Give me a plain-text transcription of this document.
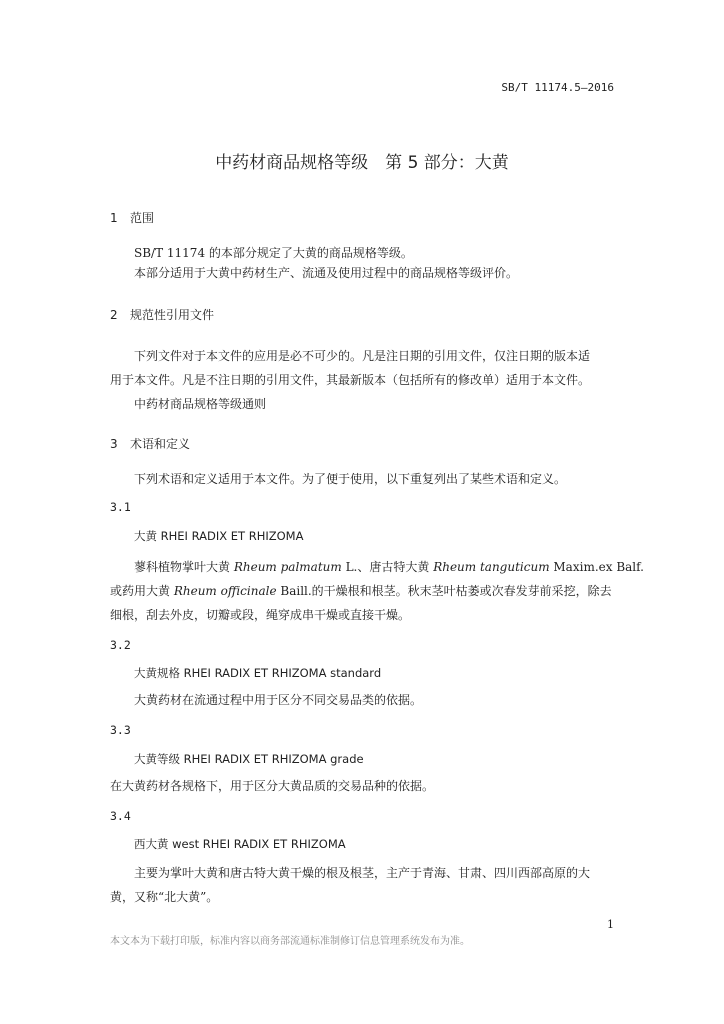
SB/T 11174.5—2016

中药材商品规格等级　第 5 部分：大黄
1 范围

SB/T 11174 的本部分规定了大黄的商品规格等级。

本部分适用于大黄中药材生产、流通及使用过程中的商品规格等级评价。

2 规范性引用文件

下列文件对于本文件的应用是必不可少的。凡是注日期的引用文件，仅注日期的版本适

用于本文件。凡是不注日期的引用文件，其最新版本（包括所有的修改单）适用于本文件。

中药材商品规格等级通则

3 术语和定义

下列术语和定义适用于本文件。为了便于使用，以下重复列出了某些术语和定义。

3.1

大黄 RHEI RADIX ET RHIZOMA

蓼科植物掌叶大黄 Rheum palmatum L.、唐古特大黄 Rheum tanguticum Maxim.ex Balf.

或药用大黄 Rheum officinale Baill.的干燥根和根茎。秋末茎叶枯萎或次春发芽前采挖，除去

细根，刮去外皮，切瓣或段，绳穿成串干燥或直接干燥。

3.2

大黄规格 RHEI RADIX ET RHIZOMA standard

大黄药材在流通过程中用于区分不同交易品类的依据。

3.3

大黄等级 RHEI RADIX ET RHIZOMA grade

在大黄药材各规格下，用于区分大黄品质的交易品种的依据。

3.4

西大黄 west RHEI RADIX ET RHIZOMA

主要为掌叶大黄和唐古特大黄干燥的根及根茎，主产于青海、甘肃、四川西部高原的大

黄，又称“北大黄”。

1

本文本为下载打印版，标准内容以商务部流通标准制修订信息管理系统发布为准。
